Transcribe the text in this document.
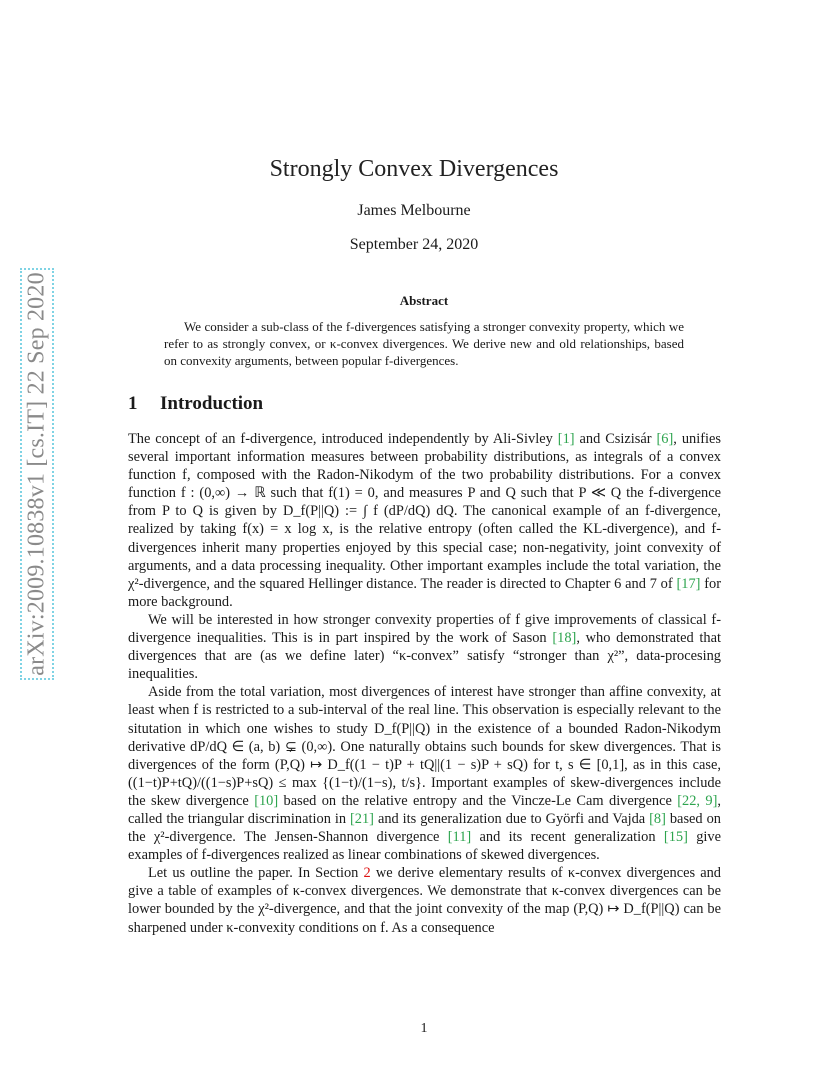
arXiv:2009.10838v1 [cs.IT] 22 Sep 2020
Strongly Convex Divergences
James Melbourne
September 24, 2020
Abstract

We consider a sub-class of the f-divergences satisfying a stronger convexity property, which we refer to as strongly convex, or κ-convex divergences. We derive new and old relationships, based on convexity arguments, between popular f-divergences.

1 Introduction

The concept of an f-divergence, introduced independently by Ali-Sivley [1] and Csizisár [6], unifies several important information measures between probability distributions, as integrals of a convex function f, composed with the Radon-Nikodym of the two probability distributions. For a convex function f : (0,∞) → ℝ such that f(1) = 0, and measures P and Q such that P ≪ Q the f-divergence from P to Q is given by D_f(P||Q) := ∫ f (dP/dQ) dQ. The canonical example of an f-divergence, realized by taking f(x) = x log x, is the relative entropy (often called the KL-divergence), and f-divergences inherit many properties enjoyed by this special case; non-negativity, joint convexity of arguments, and a data processing inequality. Other important examples include the total variation, the χ²-divergence, and the squared Hellinger distance. The reader is directed to Chapter 6 and 7 of [17] for more background.

We will be interested in how stronger convexity properties of f give improvements of classical f-divergence inequalities. This is in part inspired by the work of Sason [18], who demonstrated that divergences that are (as we define later) “κ-convex” satisfy “stronger than χ²”, data-procesing inequalities.

Aside from the total variation, most divergences of interest have stronger than affine convexity, at least when f is restricted to a sub-interval of the real line. This observation is especially relevant to the situtation in which one wishes to study D_f(P||Q) in the existence of a bounded Radon-Nikodym derivative dP/dQ ∈ (a, b) ⊊ (0,∞). One naturally obtains such bounds for skew divergences. That is divergences of the form (P,Q) ↦ D_f((1 − t)P + tQ||(1 − s)P + sQ) for t, s ∈ [0,1], as in this case, ((1−t)P+tQ)/((1−s)P+sQ) ≤ max {(1−t)/(1−s), t/s}. Important examples of skew-divergences include the skew divergence [10] based on the relative entropy and the Vincze-Le Cam divergence [22, 9], called the triangular discrimination in [21] and its generalization due to Györfi and Vajda [8] based on the χ²-divergence. The Jensen-Shannon divergence [11] and its recent generalization [15] give examples of f-divergences realized as linear combinations of skewed divergences.

Let us outline the paper. In Section 2 we derive elementary results of κ-convex divergences and give a table of examples of κ-convex divergences. We demonstrate that κ-convex divergences can be lower bounded by the χ²-divergence, and that the joint convexity of the map (P,Q) ↦ D_f(P||Q) can be sharpened under κ-convexity conditions on f. As a consequence

1
